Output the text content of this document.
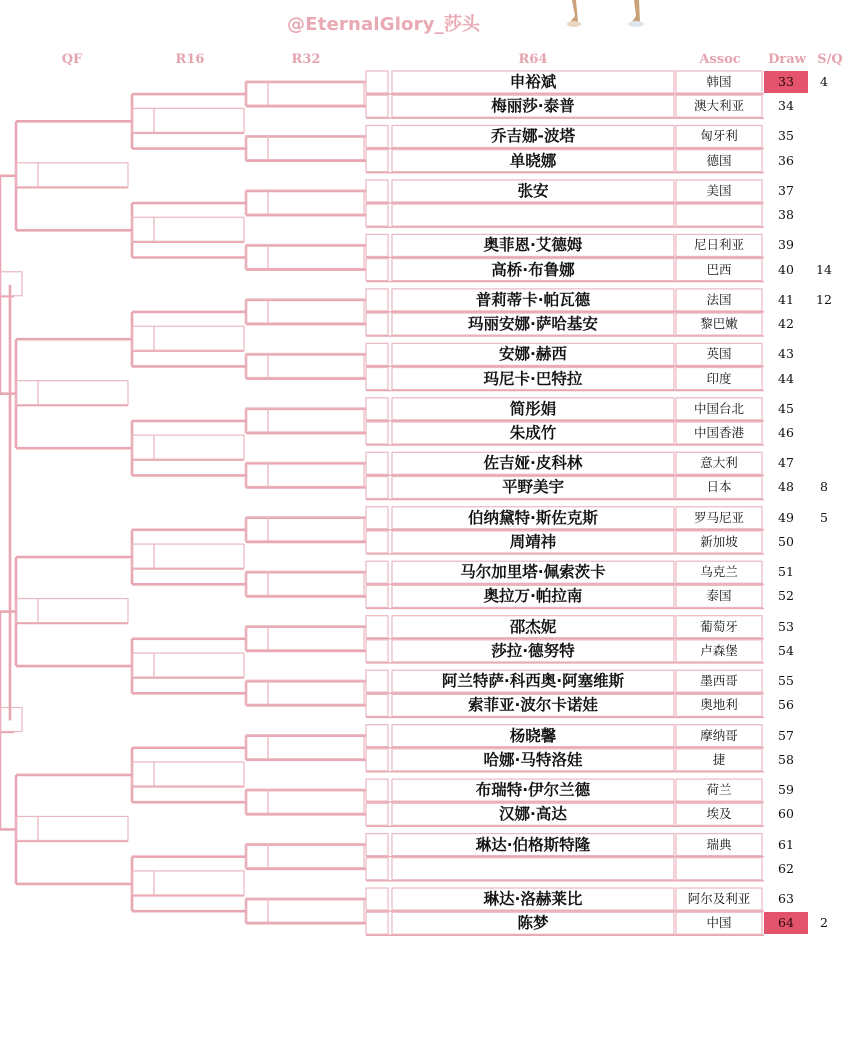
@EternalGlory_莎头
QF	R16	R32	R64	Assoc Draw S/Q
申裕斌	韩国	33	4
梅丽莎·泰普	澳大利亚	34
乔吉娜-波塔	匈牙利	35
单晓娜	德国	36
张安	美国	37
38
奥菲恩·艾德姆	尼日利亚	39
高桥·布鲁娜	巴西	40	14
普莉蒂卡·帕瓦德	法国	41	12
玛丽安娜·萨哈基安	黎巴嫩	42
安娜·赫西	英国	43
玛尼卡·巴特拉	印度	44
简彤娟	中国台北	45
朱成竹	中国香港	46
佐吉娅·皮科林	意大利	47
平野美宇	日本	48	8
伯纳黛特·斯佐克斯	罗马尼亚	49	5
周靖祎	新加坡	50
马尔加里塔·佩索茨卡	乌克兰	51
奥拉万·帕拉南	泰国	52
邵杰妮	葡萄牙	53
莎拉·德努特	卢森堡	54
阿兰特萨·科西奥·阿塞维斯	墨西哥	55
索菲亚·波尔卡诺娃	奥地利	56
杨晓馨	摩纳哥	57
哈娜·马特洛娃	捷	58
布瑞特·伊尔兰德	荷兰	59
汉娜·高达	埃及	60
琳达·伯格斯特隆	瑞典	61
62
琳达·洛赫莱比	阿尔及利亚	63
陈梦	中国	64	2
